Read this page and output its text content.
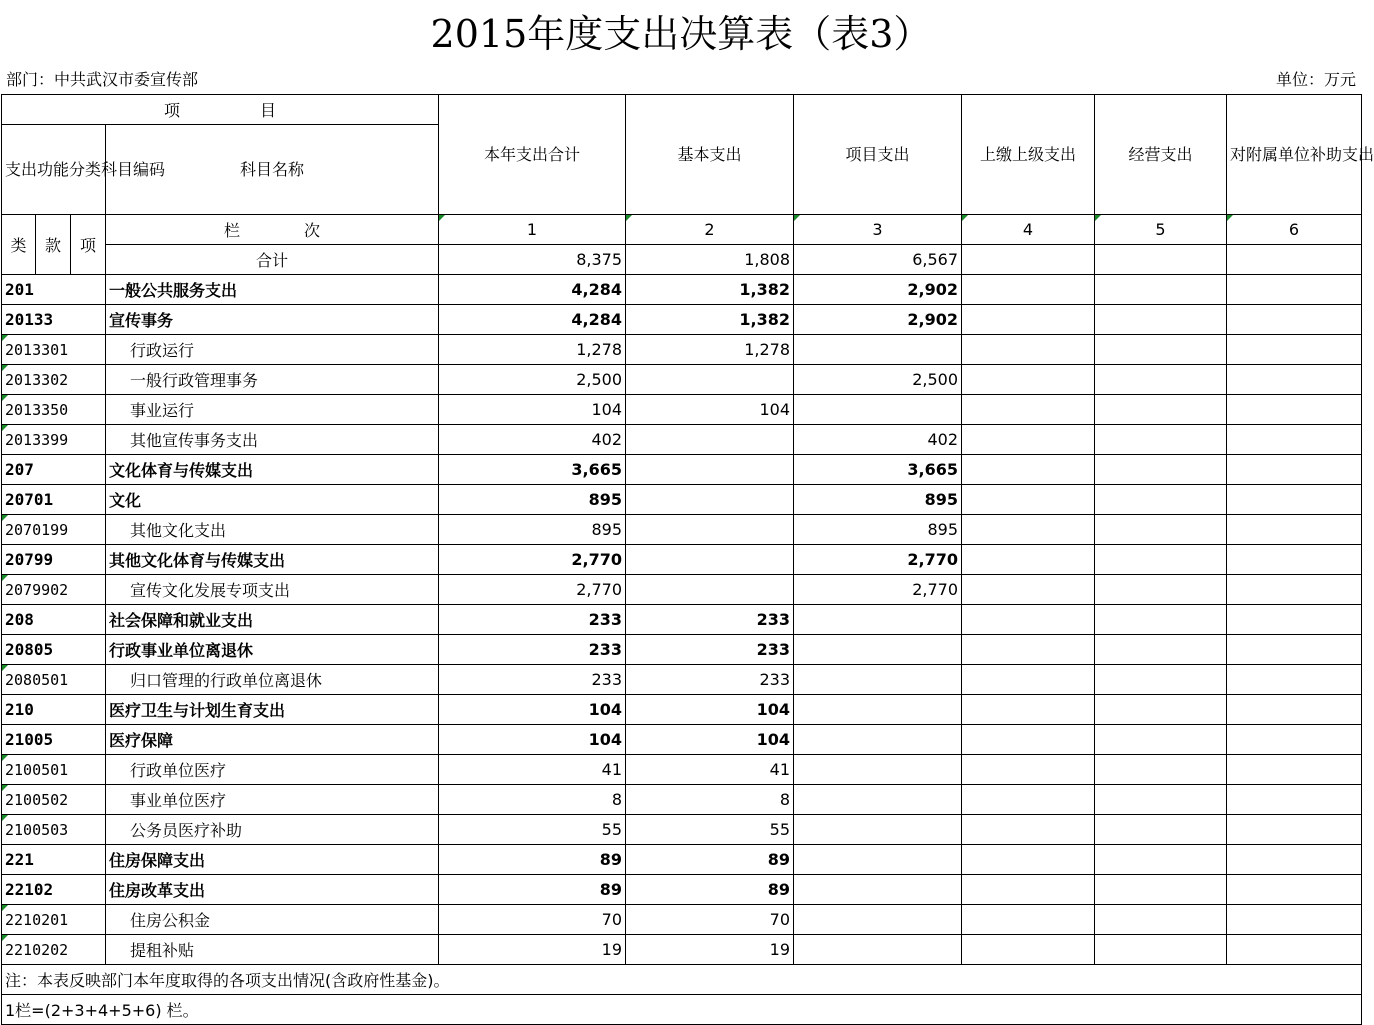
2015年度支出决算表（表3）
部门：中共武汉市委宣传部	单位：万元
项　　　　　目				本年支出合计	基本支出	项目支出	上缴上级支出	经营支出	对附属单位补助支出
支出功能分类科目编码			科目名称						
类	款	项	栏　　　　次	1	2	3	4	5	6
			合计	8,375	1,808	6,567			
201			一般公共服务支出	4,284	1,382	2,902			
20133			宣传事务	4,284	1,382	2,902			
2013301			行政运行	1,278	1,278				
2013302			一般行政管理事务	2,500		2,500			
2013350			事业运行	104	104				
2013399			其他宣传事务支出	402		402			
207			文化体育与传媒支出	3,665		3,665			
20701			文化	895		895			
2070199			其他文化支出	895		895			
20799			其他文化体育与传媒支出	2,770		2,770			
2079902			宣传文化发展专项支出	2,770		2,770			
208			社会保障和就业支出	233	233				
20805			行政事业单位离退休	233	233				
2080501			归口管理的行政单位离退休	233	233				
210			医疗卫生与计划生育支出	104	104				
21005			医疗保障	104	104				
2100501			行政单位医疗	41	41				
2100502			事业单位医疗	8	8				
2100503			公务员医疗补助	55	55				
221			住房保障支出	89	89				
22102			住房改革支出	89	89				
2210201			住房公积金	70	70				
2210202			提租补贴	19	19				
注：本表反映部门本年度取得的各项支出情况(含政府性基金)。									
1栏=(2+3+4+5+6) 栏。									
